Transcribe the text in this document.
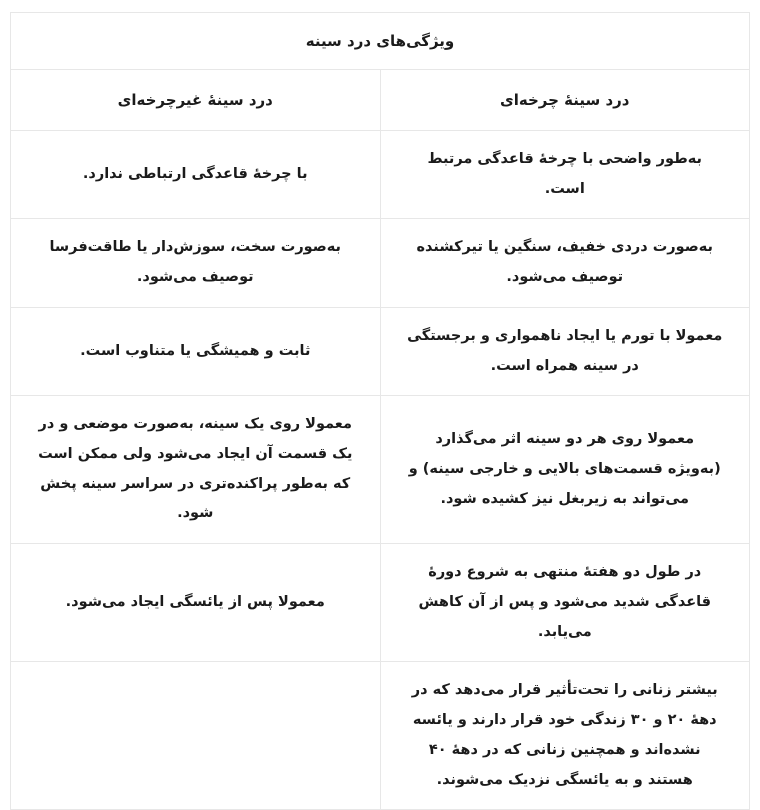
ویژگی‌های درد سینه	
درد سینۀ چرخه‌ای	درد سینۀ غیرچرخه‌ای
به‌طور واضحی با چرخۀ قاعدگی مرتبط است.	با چرخۀ قاعدگی ارتباطی ندارد.
به‌صورت دردی خفیف، سنگین یا تیرکشنده توصیف می‌شود.	به‌صورت سخت، سوزش‌دار یا طاقت‌فرسا توصیف می‌شود.
معمولا با تورم یا ایجاد ناهمواری و برجستگی در سینه همراه است.	ثابت و همیشگی یا متناوب است.
معمولا روی هر دو سینه اثر می‌گذارد (به‌ویژه قسمت‌های بالایی و خارجی سینه) و می‌تواند به زیربغل نیز کشیده شود.	معمولا روی یک سینه، به‌صورت موضعی و در یک قسمت آن ایجاد می‌شود ولی ممکن است که به‌طور پراکنده‌تری در سراسر سینه پخش شود.
در طول دو هفتۀ منتهی به شروع دورۀ قاعدگی شدید می‌شود و پس از آن کاهش می‌یابد.	معمولا پس از یائسگی ایجاد می‌شود.
بیشتر زنانی را تحت‌تأثیر قرار می‌دهد که در دهۀ ۲۰ و ۳۰ زندگی خود قرار دارند و یائسه نشده‌اند و همچنین زنانی که در دهۀ ۴۰ هستند و به یائسگی نزدیک می‌شوند.	
